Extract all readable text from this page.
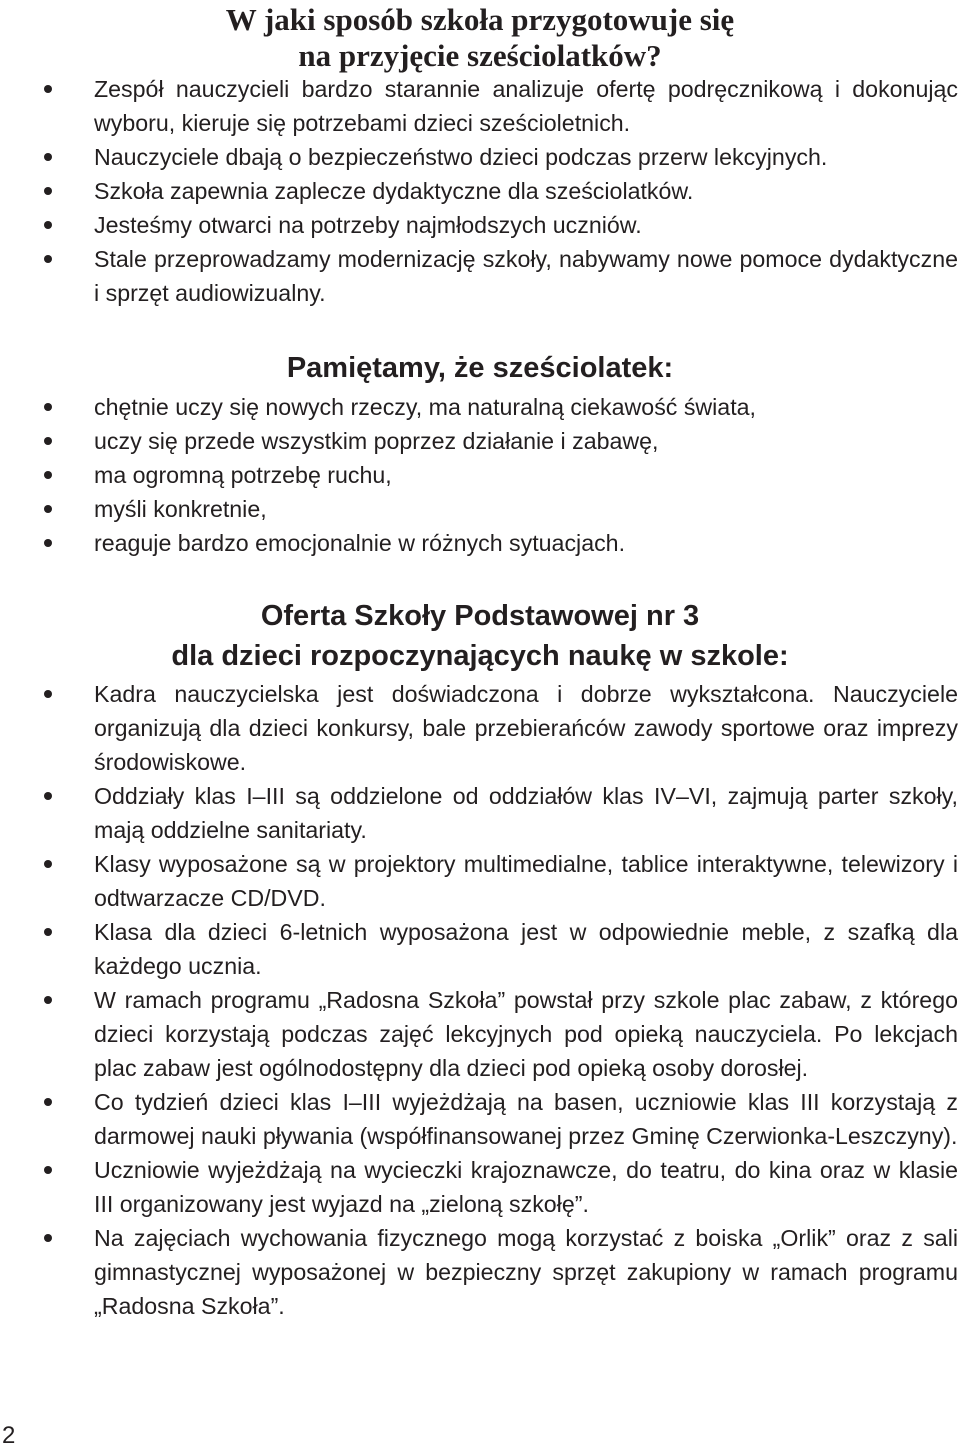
W jaki sposób szkoła przygotowuje się
na przyjęcie sześciolatków?
Zespół nauczycieli bardzo starannie analizuje ofertę podręcznikową i dokonując wyboru, kieruje się potrzebami dzieci sześcioletnich.
Nauczyciele dbają o bezpieczeństwo dzieci podczas przerw lekcyjnych.
Szkoła zapewnia zaplecze dydaktyczne dla sześciolatków.
Jesteśmy otwarci na potrzeby najmłodszych uczniów.
Stale przeprowadzamy modernizację szkoły, nabywamy nowe pomoce dydaktyczne i sprzęt audiowizualny.
Pamiętamy, że sześciolatek:
chętnie uczy się nowych rzeczy, ma naturalną ciekawość świata,
uczy się przede wszystkim poprzez działanie i zabawę,
ma ogromną potrzebę ruchu,
myśli konkretnie,
reaguje bardzo emocjonalnie w różnych sytuacjach.
Oferta Szkoły Podstawowej nr 3
dla dzieci rozpoczynających naukę w szkole:
Kadra nauczycielska jest doświadczona i dobrze wykształcona. Nauczyciele organizują dla dzieci konkursy, bale przebierańców zawody sportowe oraz imprezy środowiskowe.
Oddziały klas I–III są oddzielone od oddziałów klas IV–VI, zajmują parter szkoły, mają oddzielne sanitariaty.
Klasy wyposażone są w projektory multimedialne, tablice interaktywne, telewizory i odtwarzacze CD/DVD.
Klasa dla dzieci 6-letnich wyposażona jest w odpowiednie meble, z szafką dla każdego ucznia.
W ramach programu „Radosna Szkoła” powstał przy szkole plac zabaw, z którego dzieci korzystają podczas zajęć lekcyjnych pod opieką nauczyciela. Po lekcjach plac zabaw jest ogólnodostępny dla dzieci pod opieką osoby dorosłej.
Co tydzień dzieci klas I–III wyjeżdżają na basen, uczniowie klas III korzystają z darmowej nauki pływania (współfinansowanej przez Gminę Czerwionka-Leszczyny).
Uczniowie wyjeżdżają na wycieczki krajoznawcze, do teatru, do kina oraz w klasie III organizowany jest wyjazd na „zieloną szkołę”.
Na zajęciach wychowania fizycznego mogą korzystać z boiska „Orlik” oraz z sali gimnastycznej wyposażonej w bezpieczny sprzęt zakupiony w ramach programu „Radosna Szkoła”.
2
